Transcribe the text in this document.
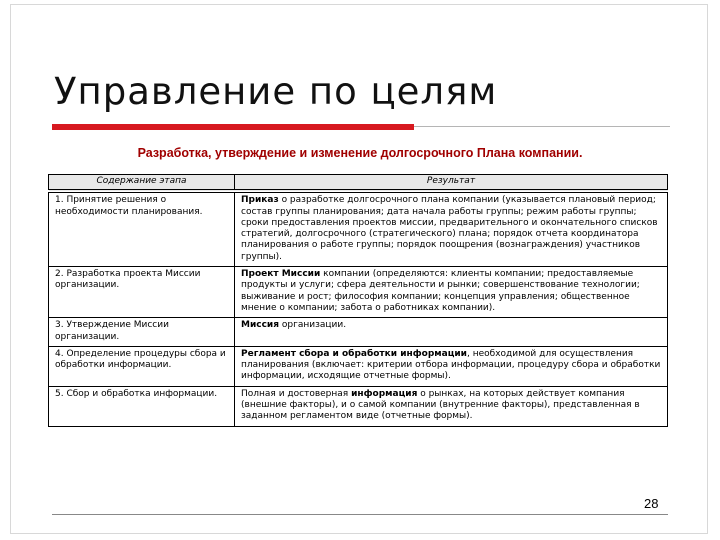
Управление по целям
Разработка, утверждение и изменение долгосрочного Плана компании.
Содержание этапа	Результат
1. Принятие решения о необходимости планирования.	Приказ о разработке долгосрочного плана компании (указывается плановый период; состав группы планирования; дата начала работы группы; режим работы группы; сроки предоставления проектов миссии, предварительного и окончательного списков стратегий, долгосрочного (стратегического) плана; порядок отчета координатора планирования о работе группы; порядок поощрения (вознаграждения) участников группы).
2. Разработка проекта Миссии организации.	Проект Миссии компании (определяются: клиенты компании; предоставляемые продукты и услуги; сфера деятельности и рынки; совершенствование технологии; выживание и рост; философия компании; концепция управления; общественное мнение о компании; забота о работниках компании).
3. Утверждение Миссии организации.	Миссия организации.
4. Определение процедуры сбора и обработки информации.	Регламент сбора и обработки информации, необходимой для осуществления планирования (включает: критерии отбора информации, процедуру сбора и обработки информации, исходящие отчетные формы).
5. Сбор и обработка информации.	Полная и достоверная информация о рынках, на которых действует компания (внешние факторы), и о самой компании (внутренние факторы), представленная в заданном регламентом виде (отчетные формы).
28
